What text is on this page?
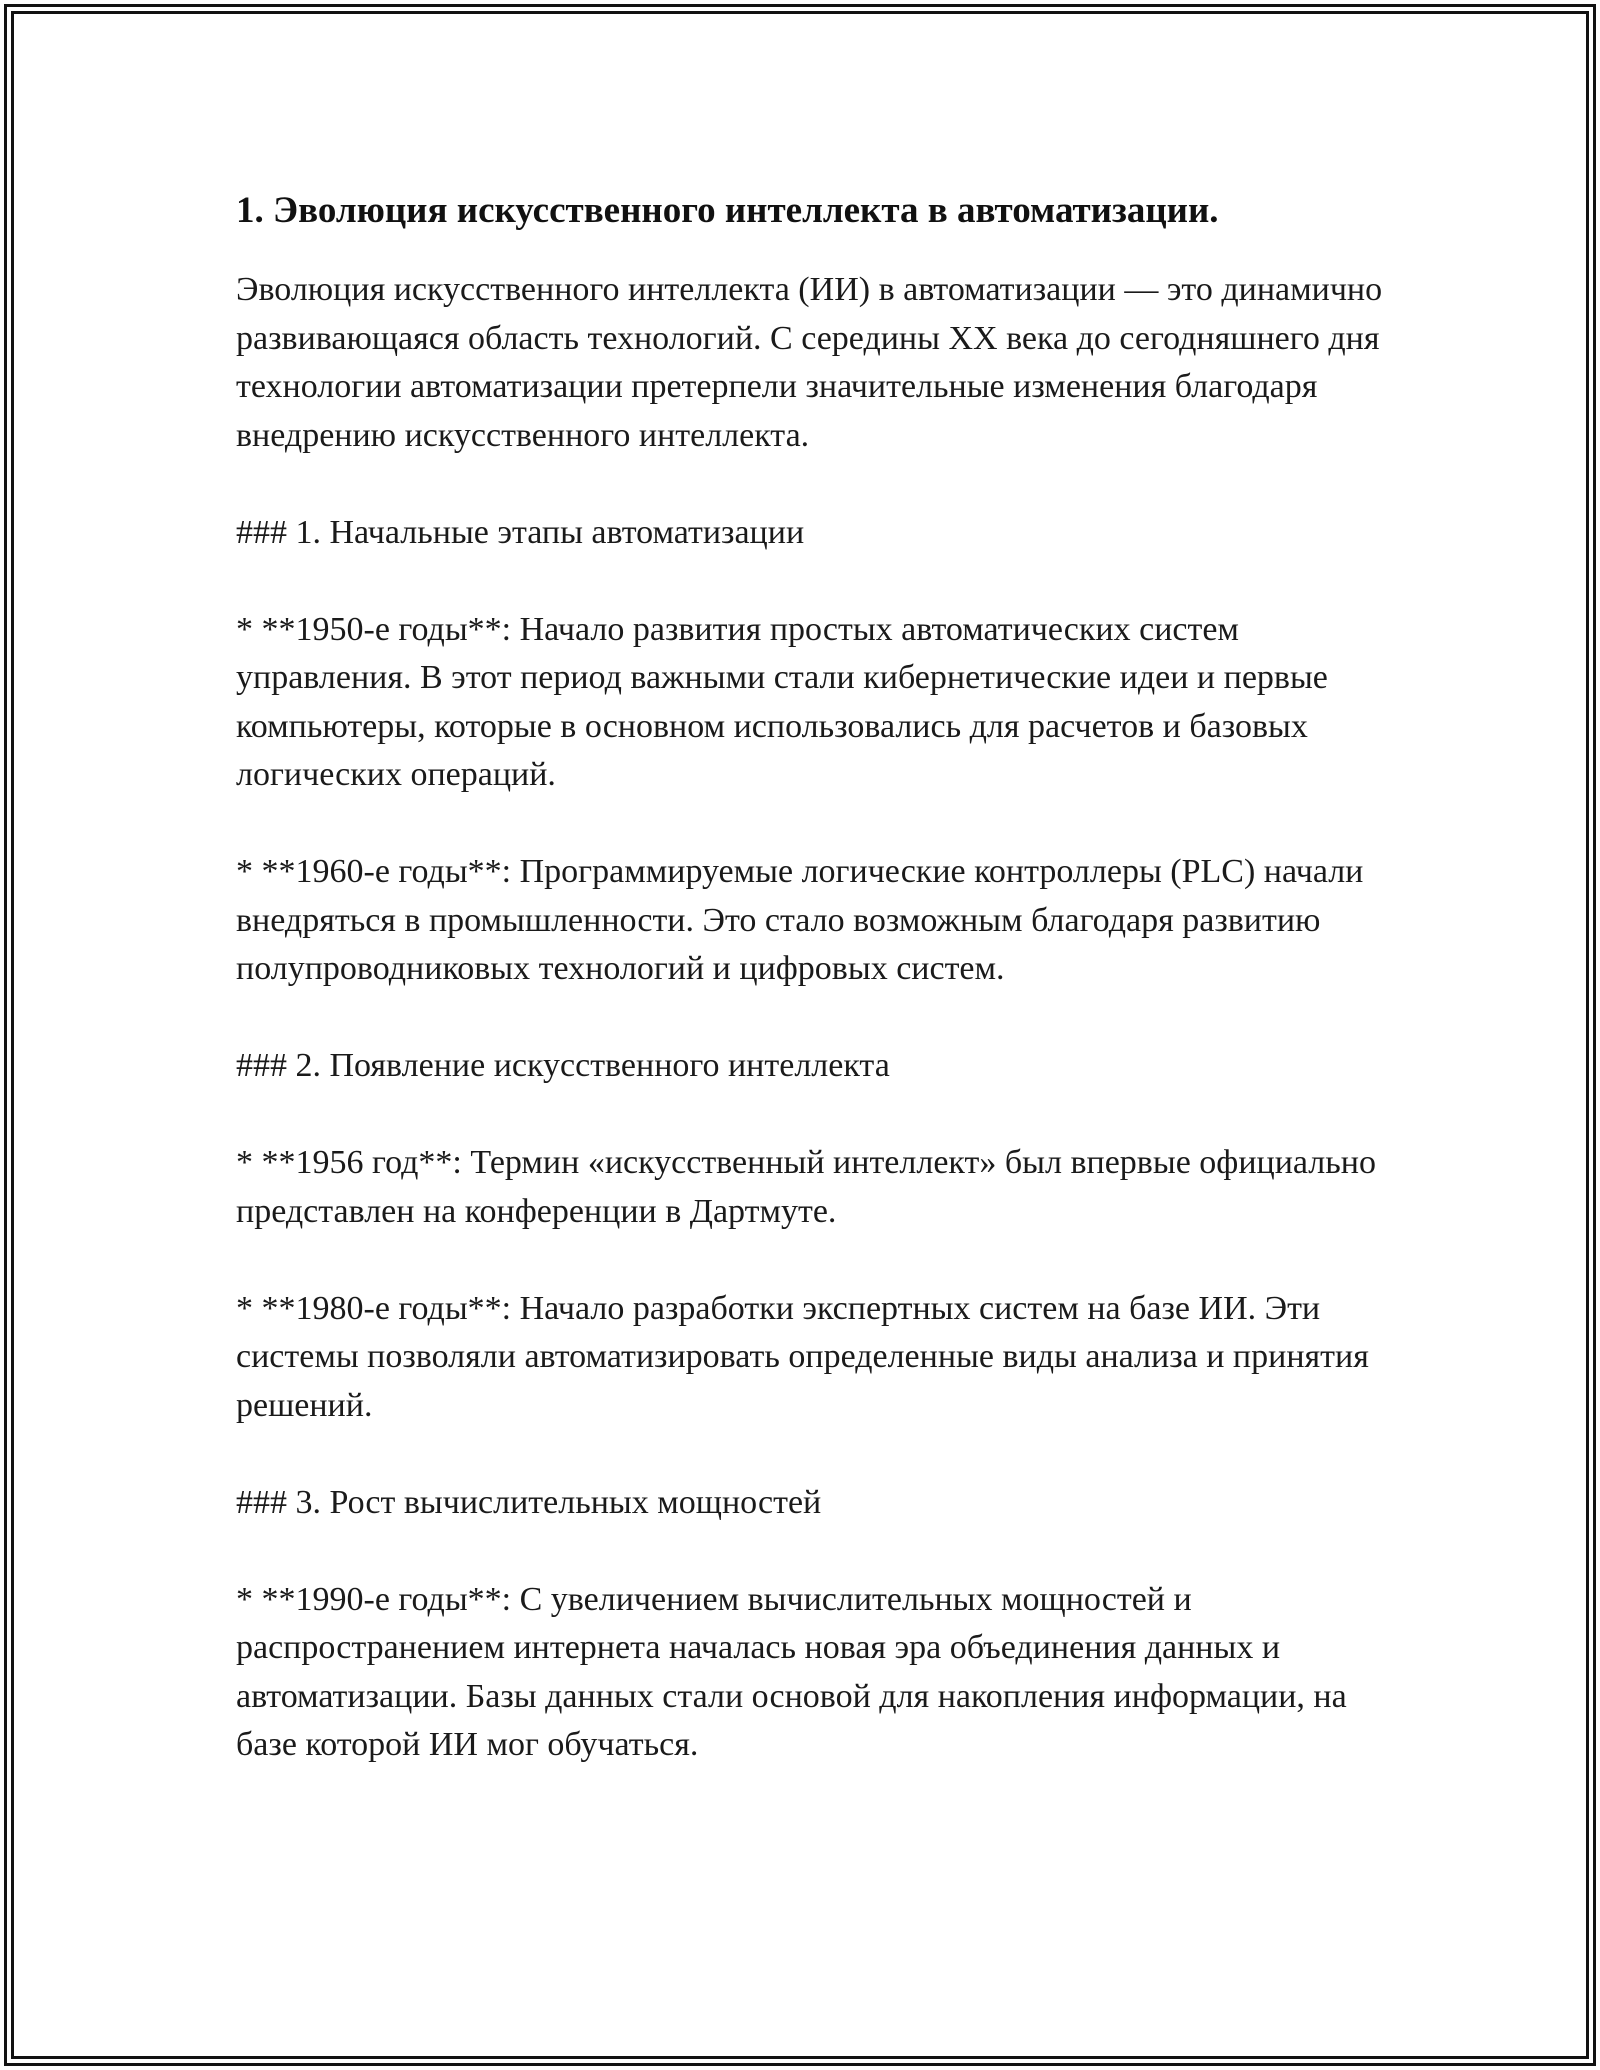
1. Эволюция искусственного интеллекта в автоматизации.

Эволюция искусственного интеллекта (ИИ) в автоматизации — это динамично развивающаяся область технологий. С середины XX века до сегодняшнего дня технологии автоматизации претерпели значительные изменения благодаря внедрению искусственного интеллекта.

### 1. Начальные этапы автоматизации

* **1950-е годы**: Начало развития простых автоматических систем управления. В этот период важными стали кибернетические идеи и первые компьютеры, которые в основном использовались для расчетов и базовых логических операций.

* **1960-е годы**: Программируемые логические контроллеры (PLC) начали внедряться в промышленности. Это стало возможным благодаря развитию полупроводниковых технологий и цифровых систем.

### 2. Появление искусственного интеллекта

* **1956 год**: Термин «искусственный интеллект» был впервые официально представлен на конференции в Дартмуте.

* **1980-е годы**: Начало разработки экспертных систем на базе ИИ. Эти системы позволяли автоматизировать определенные виды анализа и принятия решений.

### 3. Рост вычислительных мощностей

* **1990-е годы**: С увеличением вычислительных мощностей и распространением интернета началась новая эра объединения данных и автоматизации. Базы данных стали основой для накопления информации, на базе которой ИИ мог обучаться.
